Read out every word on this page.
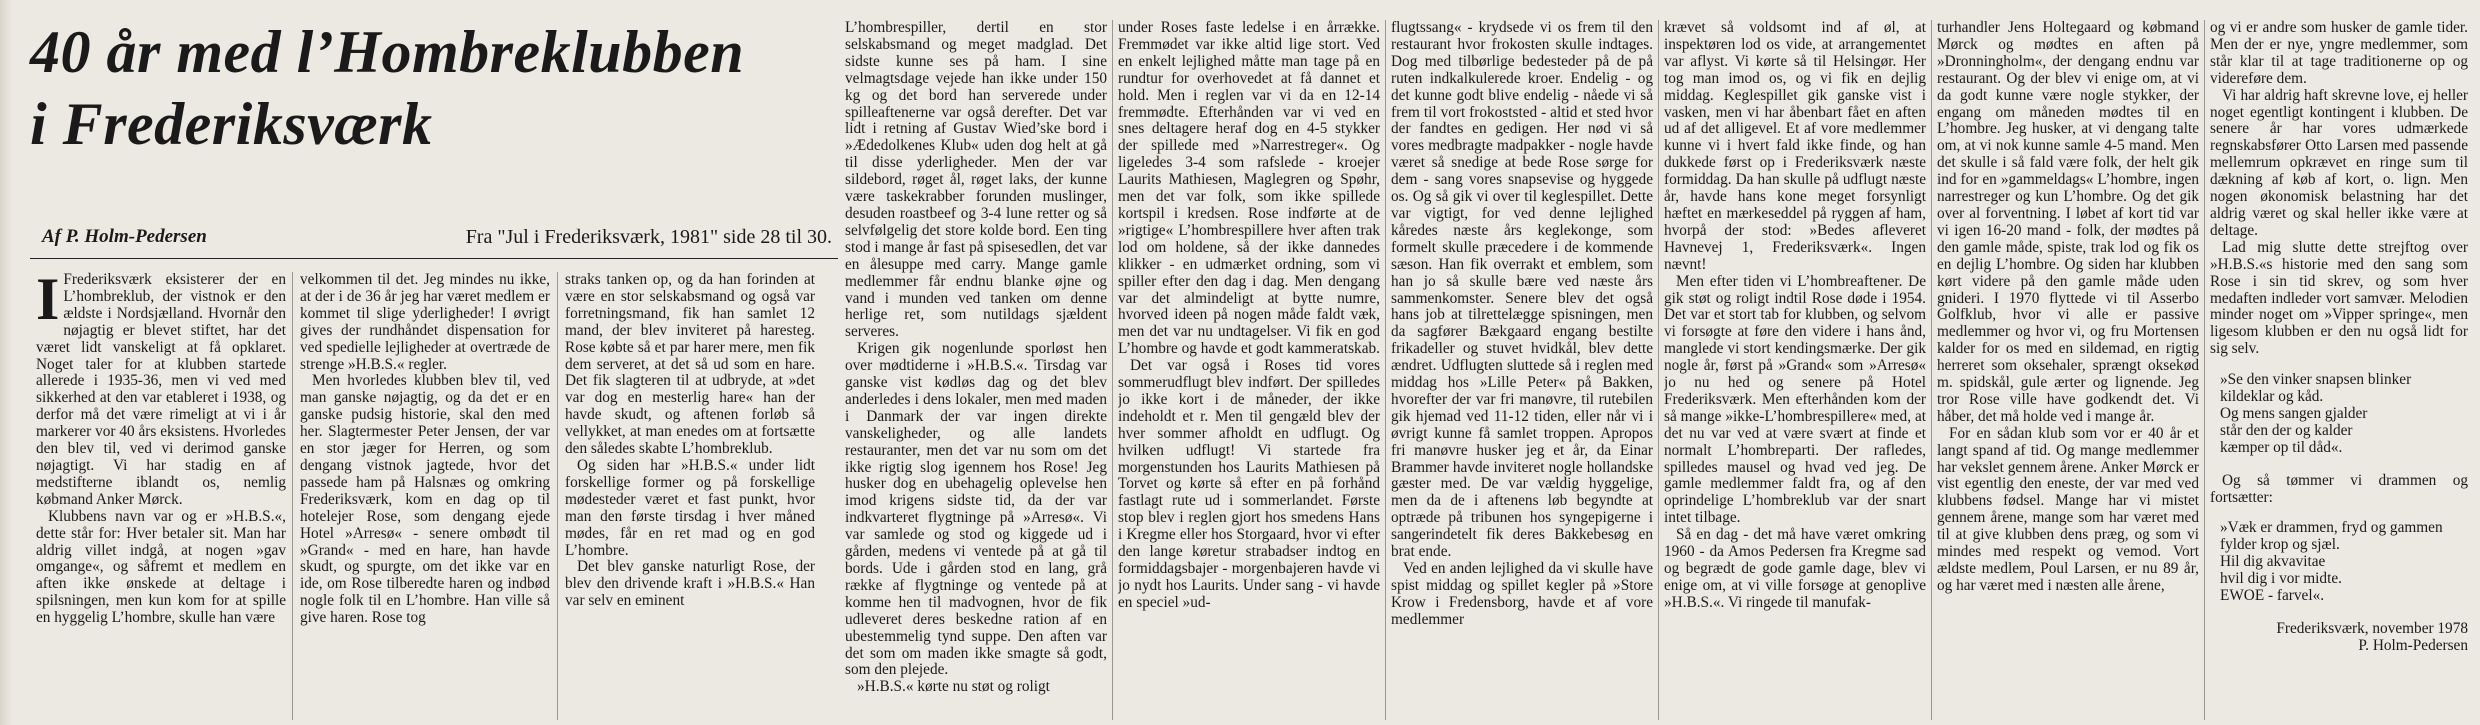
40 år med l’Hombreklubben
i Frederiksværk
Af P. Holm-Pedersen	Fra "Jul i Frederiksværk, 1981" side 28 til 30.

I Frederiksværk eksisterer der en L’hombreklub, der vistnok er den ældste i Nordsjælland. Hvornår den nøjagtig er blevet stiftet, har det været lidt vanskeligt at få opklaret. Noget taler for at klubben startede allerede i 1935-36, men vi ved med sikkerhed at den var etableret i 1938, og derfor må det være rimeligt at vi i år markerer vor 40 års eksistens. Hvorledes den blev til, ved vi derimod ganske nøjagtigt. Vi har stadig en af medstifterne iblandt os, nemlig købmand Anker Mørck.

Klubbens navn var og er »H.B.S.«, dette står for: Hver betaler sit. Man har aldrig villet indgå, at nogen »gav omgange«, og såfremt et medlem en aften ikke ønskede at deltage i spilsningen, men kun kom for at spille en hyggelig L’hombre, skulle han være

velkommen til det. Jeg mindes nu ikke, at der i de 36 år jeg har været medlem er kommet til slige yderligheder! I øvrigt gives der rundhåndet dispensation for ved spedielle lejligheder at overtræde de strenge »H.B.S.« regler.

Men hvorledes klubben blev til, ved man ganske nøjagtig, og da det er en ganske pudsig historie, skal den med her. Slagtermester Peter Jensen, der var en stor jæger for Herren, og som dengang vistnok jagtede, hvor det passede ham på Halsnæs og omkring Frederiksværk, kom en dag op til hotelejer Rose, som dengang ejede Hotel »Arresø« - senere ombødt til »Grand« - med en hare, han havde skudt, og spurgte, om det ikke var en ide, om Rose tilberedte haren og indbød nogle folk til en L’hombre. Han ville så give haren. Rose tog

straks tanken op, og da han forinden at være en stor selskabsmand og også var forretningsmand, fik han samlet 12 mand, der blev inviteret på haresteg. Rose købte så et par harer mere, men fik dem serveret, at det så ud som en hare. Det fik slagteren til at udbryde, at »det var dog en mesterlig hare« han der havde skudt, og aftenen forløb så vellykket, at man enedes om at fortsætte den således skabte L’hombreklub.

Og siden har »H.B.S.« under lidt forskellige former og på forskellige mødesteder været et fast punkt, hvor man den første tirsdag i hver måned mødes, får en ret mad og en god L’hombre.

Det blev ganske naturligt Rose, der blev den drivende kraft i »H.B.S.« Han var selv en eminent

L’hombrespiller, dertil en stor selskabsmand og meget madglad. Det sidste kunne ses på ham. I sine velmagtsdage vejede han ikke under 150 kg og det bord han serverede under spilleaftenerne var også derefter. Det var lidt i retning af Gustav Wied’ske bord i »Ædedolkenes Klub« uden dog helt at gå til disse yderligheder. Men der var sildebord, røget ål, røget laks, der kunne være taskekrabber forunden muslinger, desuden roastbeef og 3-4 lune retter og så selvfølgelig det store kolde bord. Een ting stod i mange år fast på spisesedlen, det var en ålesuppe med carry. Mange gamle medlemmer får endnu blanke øjne og vand i munden ved tanken om denne herlige ret, som nutildags sjældent serveres.

Krigen gik nogenlunde sporløst hen over mødtiderne i »H.B.S.«. Tirsdag var ganske vist kødløs dag og det blev anderledes i dens lokaler, men med maden i Danmark der var ingen direkte vanskeligheder, og alle landets restauranter, men det var nu som om det ikke rigtig slog igennem hos Rose! Jeg husker dog en ubehagelig oplevelse hen imod krigens sidste tid, da der var indkvarteret flygtninge på »Arresø«. Vi var samlede og stod og kiggede ud i gården, medens vi ventede på at gå til bords. Ude i gården stod en lang, grå række af flygtninge og ventede på at komme hen til madvognen, hvor de fik udleveret deres beskedne ration af en ubestemmelig tynd suppe. Den aften var det som om maden ikke smagte så godt, som den plejede.

»H.B.S.« kørte nu støt og roligt

under Roses faste ledelse i en årrække. Fremmødet var ikke altid lige stort. Ved en enkelt lejlighed måtte man tage på en rundtur for overhovedet at få dannet et hold. Men i reglen var vi da en 12-14 fremmødte. Efterhånden var vi ved en snes deltagere heraf dog en 4-5 stykker der spillede med »Narrestreger«. Og ligeledes 3-4 som rafslede - kroejer Laurits Mathiesen, Maglegren og Spøhr, men det var folk, som ikke spillede kortspil i kredsen. Rose indførte at de »rigtige« L’hombrespillere hver aften trak lod om holdene, så der ikke dannedes klikker - en udmærket ordning, som vi spiller efter den dag i dag. Men dengang var det almindeligt at bytte numre, hvorved ideen på nogen måde faldt væk, men det var nu undtagelser. Vi fik en god L’hombre og havde et godt kammeratskab.

Det var også i Roses tid vores sommerudflugt blev indført. Der spilledes jo ikke kort i de måneder, der ikke indeholdt et r. Men til gengæld blev der hver sommer afholdt en udflugt. Og hvilken udflugt! Vi startede fra morgenstunden hos Laurits Mathiesen på Torvet og kørte så efter en på forhånd fastlagt rute ud i sommerlandet. Første stop blev i reglen gjort hos smedens Hans i Kregme eller hos Storgaard, hvor vi efter den lange køretur strabadser indtog en formiddagsbajer - morgenbajeren havde vi jo nydt hos Laurits. Under sang - vi havde en speciel »ud-

flugtssang« - krydsede vi os frem til den restaurant hvor frokosten skulle indtages. Dog med tilbørlige bedesteder på de på ruten indkalkulerede kroer. Endelig - og det kunne godt blive endelig - nåede vi så frem til vort frokoststed - altid et sted hvor der fandtes en gedigen. Her nød vi så vores medbragte madpakker - nogle havde været så snedige at bede Rose sørge for dem - sang vores snapsevise og hyggede os. Og så gik vi over til keglespillet. Dette var vigtigt, for ved denne lejlighed kåredes næste års keglekonge, som formelt skulle præcedere i de kommende sæson. Han fik overrakt et emblem, som han jo så skulle bære ved næste års sammenkomster. Senere blev det også hans job at tilrettelægge spisningen, men da sagfører Bækgaard engang bestilte frikadeller og stuvet hvidkål, blev dette ændret. Udflugten sluttede så i reglen med middag hos »Lille Peter« på Bakken, hvorefter der var fri manøvre, til rutebilen gik hjemad ved 11-12 tiden, eller når vi i øvrigt kunne få samlet troppen. Apropos fri manøvre husker jeg et år, da Einar Brammer havde inviteret nogle hollandske gæster med. De var vældig hyggelige, men da de i aftenens løb begyndte at optræde på tribunen hos syngepigerne i sangerindetelt fik deres Bakkebesøg en brat ende.

Ved en anden lejlighed da vi skulle have spist middag og spillet kegler på »Store Krow i Fredensborg, havde et af vore medlemmer

krævet så voldsomt ind af øl, at inspektøren lod os vide, at arrangementet var aflyst. Vi kørte så til Helsingør. Her tog man imod os, og vi fik en dejlig middag. Keglespillet gik ganske vist i vasken, men vi har åbenbart fået en aften ud af det alligevel. Et af vore medlemmer kunne vi i hvert fald ikke finde, og han dukkede først op i Frederiksværk næste formiddag. Da han skulle på udflugt næste år, havde hans kone meget forsynligt hæftet en mærkeseddel på ryggen af ham, hvorpå der stod: »Bedes afleveret Havnevej 1, Frederiksværk«. Ingen nævnt!

Men efter tiden vi L’hombreaftener. De gik støt og roligt indtil Rose døde i 1954. Det var et stort tab for klubben, og selvom vi forsøgte at føre den videre i hans ånd, manglede vi stort kendingsmærke. Der gik nogle år, først på »Grand« som »Arresø« jo nu hed og senere på Hotel Frederiksværk. Men efterhånden kom der så mange »ikke-L’hombrespillere« med, at det nu var ved at være svært at finde et normalt L’hombreparti. Der rafledes, spilledes mausel og hvad ved jeg. De gamle medlemmer faldt fra, og af den oprindelige L’hombreklub var der snart intet tilbage.

Så en dag - det må have været omkring 1960 - da Amos Pedersen fra Kregme sad og begrædt de gode gamle dage, blev vi enige om, at vi ville forsøge at genoplive »H.B.S.«. Vi ringede til manufak-

turhandler Jens Holtegaard og købmand Mørck og mødtes en aften på »Dronningholm«, der dengang endnu var restaurant. Og der blev vi enige om, at vi da godt kunne være nogle stykker, der engang om måneden mødtes til en L’hombre. Jeg husker, at vi dengang talte om, at vi nok kunne samle 4-5 mand. Men det skulle i så fald være folk, der helt gik ind for en »gammeldags« L’hombre, ingen narrestreger og kun L’hombre. Og det gik over al forventning. I løbet af kort tid var vi igen 16-20 mand - folk, der mødtes på den gamle måde, spiste, trak lod og fik os en dejlig L’hombre. Og siden har klubben kørt videre på den gamle måde uden gnideri. I 1970 flyttede vi til Asserbo Golfklub, hvor vi alle er passive medlemmer og hvor vi, og fru Mortensen kalder for os med en sildemad, en rigtig herreret som oksehaler, sprængt oksekød m. spidskål, gule ærter og lignende. Jeg tror Rose ville have godkendt det. Vi håber, det må holde ved i mange år.

For en sådan klub som vor er 40 år et langt spand af tid. Og mange medlemmer har vekslet gennem årene. Anker Mørck er vist egentlig den eneste, der var med ved klubbens fødsel. Mange har vi mistet gennem årene, mange som har været med til at give klubben dens præg, og som vi mindes med respekt og vemod. Vort ældste medlem, Poul Larsen, er nu 89 år, og har været med i næsten alle årene,

og vi er andre som husker de gamle tider. Men der er nye, yngre medlemmer, som står klar til at tage traditionerne op og videreføre dem.

Vi har aldrig haft skrevne love, ej heller noget egentligt kontingent i klubben. De senere år har vores udmærkede regnskabsfører Otto Larsen med passende mellemrum opkrævet en ringe sum til dækning af køb af kort, o. lign. Men nogen økonomisk belastning har det aldrig været og skal heller ikke være at deltage.

Lad mig slutte dette strejftog over »H.B.S.«s historie med den sang som Rose i sin tid skrev, og som hver medaften indleder vort samvær. Melodien minder noget om »Vipper springe«, men ligesom klubben er den nu også lidt for sig selv.

»Se den vinker snapsen blinker
kildeklar og kåd.
Og mens sangen gjalder
står den der og kalder
kæmper op til dåd«.

Og så tømmer vi drammen og fortsætter:

»Væk er drammen, fryd og gammen
fylder krop og sjæl.
Hil dig akvavitae
hvil dig i vor midte.
EWOE - farvel«.

Frederiksværk, november 1978

P. Holm-Pedersen
